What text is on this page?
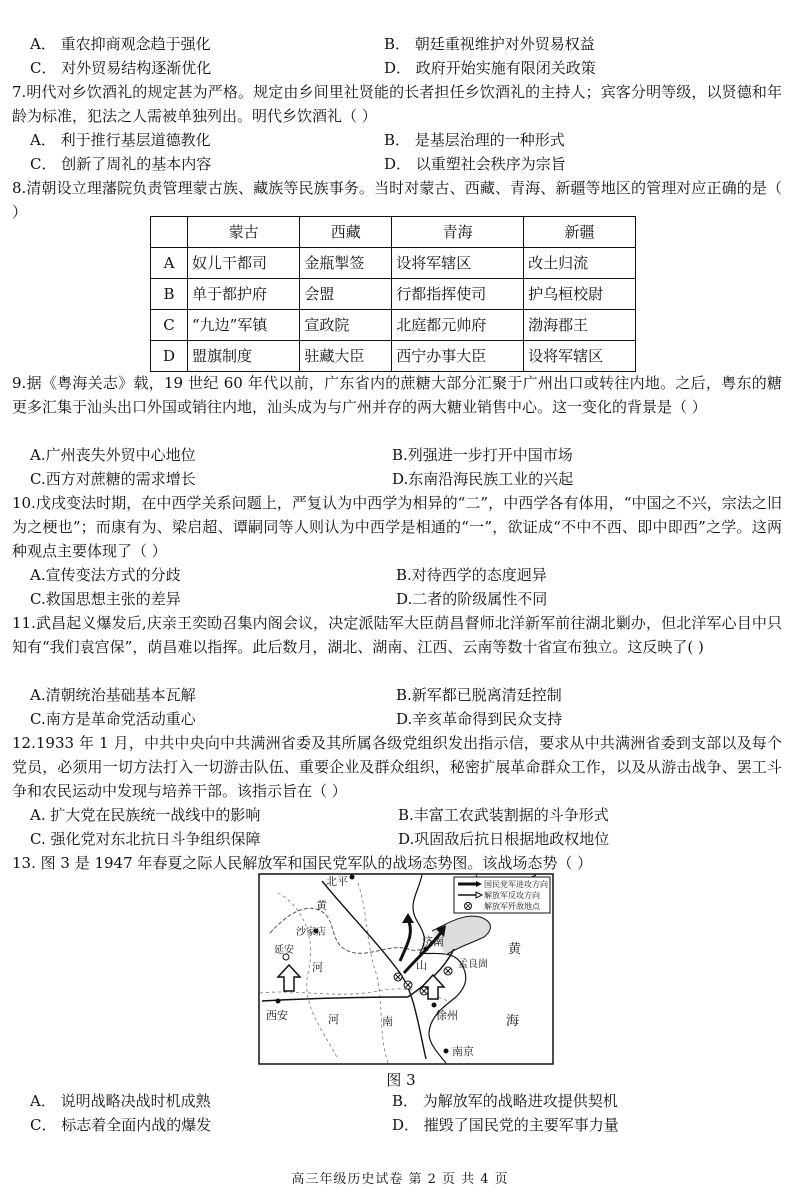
A． 重农抑商观念趋于强化	B． 朝廷重视维护对外贸易权益
C． 对外贸易结构逐渐优化	D． 政府开始实施有限闭关政策

7.明代对乡饮酒礼的规定甚为严格。规定由乡间里社贤能的长者担任乡饮酒礼的主持人；宾客分明等级，以贤德和年龄为标准，犯法之人需被单独列出。明代乡饮酒礼（ ）

A． 利于推行基层道德教化	B． 是基层治理的一种形式
C． 创新了周礼的基本内容	D． 以重塑社会秩序为宗旨

8.清朝设立理藩院负责管理蒙古族、藏族等民族事务。当时对蒙古、西藏、青海、新疆等地区的管理对应正确的是（ ）

	蒙古	西藏	青海	新疆
A	奴儿干都司	金瓶掣签	设将军辖区	改土归流
B	单于都护府	会盟	行都指挥使司	护乌桓校尉
C	“九边”军镇	宣政院	北庭都元帅府	渤海郡王
D	盟旗制度	驻藏大臣	西宁办事大臣	设将军辖区

9.据《粤海关志》载，19 世纪 60 年代以前，广东省内的蔗糖大部分汇聚于广州出口或转往内地。之后，粤东的糖更多汇集于汕头出口外国或销往内地，汕头成为与广州并存的两大糖业销售中心。这一变化的背景是（ ）

A.广州丧失外贸中心地位	B.列强进一步打开中国市场
C.西方对蔗糖的需求增长	D.东南沿海民族工业的兴起

10.戊戌变法时期，在中西学关系问题上，严复认为中西学为相异的“二”，中西学各有体用，“中国之不兴，宗法之旧为之梗也”；而康有为、梁启超、谭嗣同等人则认为中西学是相通的“一”，欲证成“不中不西、即中即西”之学。这两种观点主要体现了（ ）

A.宣传变法方式的分歧	B.对待西学的态度迥异
C.救国思想主张的差异	D.二者的阶级属性不同

11.武昌起义爆发后,庆亲王奕劻召集内阁会议，决定派陆军大臣荫昌督师北洋新军前往湖北剿办，但北洋军心目中只知有“我们袁宫保”，荫昌难以指挥。此后数月，湖北、湖南、江西、云南等数十省宣布独立。这反映了( )

A.清朝统治基础基本瓦解	B.新军都已脱离清廷控制
C.南方是革命党活动重心	D.辛亥革命得到民众支持

12.1933 年 1 月，中共中央向中共满洲省委及其所属各级党组织发出指示信，要求从中共满洲省委到支部以及每个党员，必须用一切方法打入一切游击队伍、重要企业及群众组织，秘密扩展革命群众工作，以及从游击战争、罢工斗争和农民运动中发现与培养干部。该指示旨在（ ）

A. 扩大党在民族统一战线中的影响	B.丰富工农武装割据的斗争形式
C. 强化党对东北抗日斗争组织保障	D.巩固敌后抗日根据地政权地位

13. 图 3 是 1947 年春夏之际人民解放军和国民党军队的战场态势图。该战场态势（ ）

国民党军进攻方向
解放军反攻方向
解放军歼敌地点
北平
沙家店
延安
济南
孟良崮
徐州
西安
南京
黄
河
黄
海
河	南
山
图 3
A． 说明战略决战时机成熟	B． 为解放军的战略进攻提供契机
C． 标志着全面内战的爆发	D． 摧毁了国民党的主要军事力量
高三年级历史试卷 第 2 页 共 4 页
